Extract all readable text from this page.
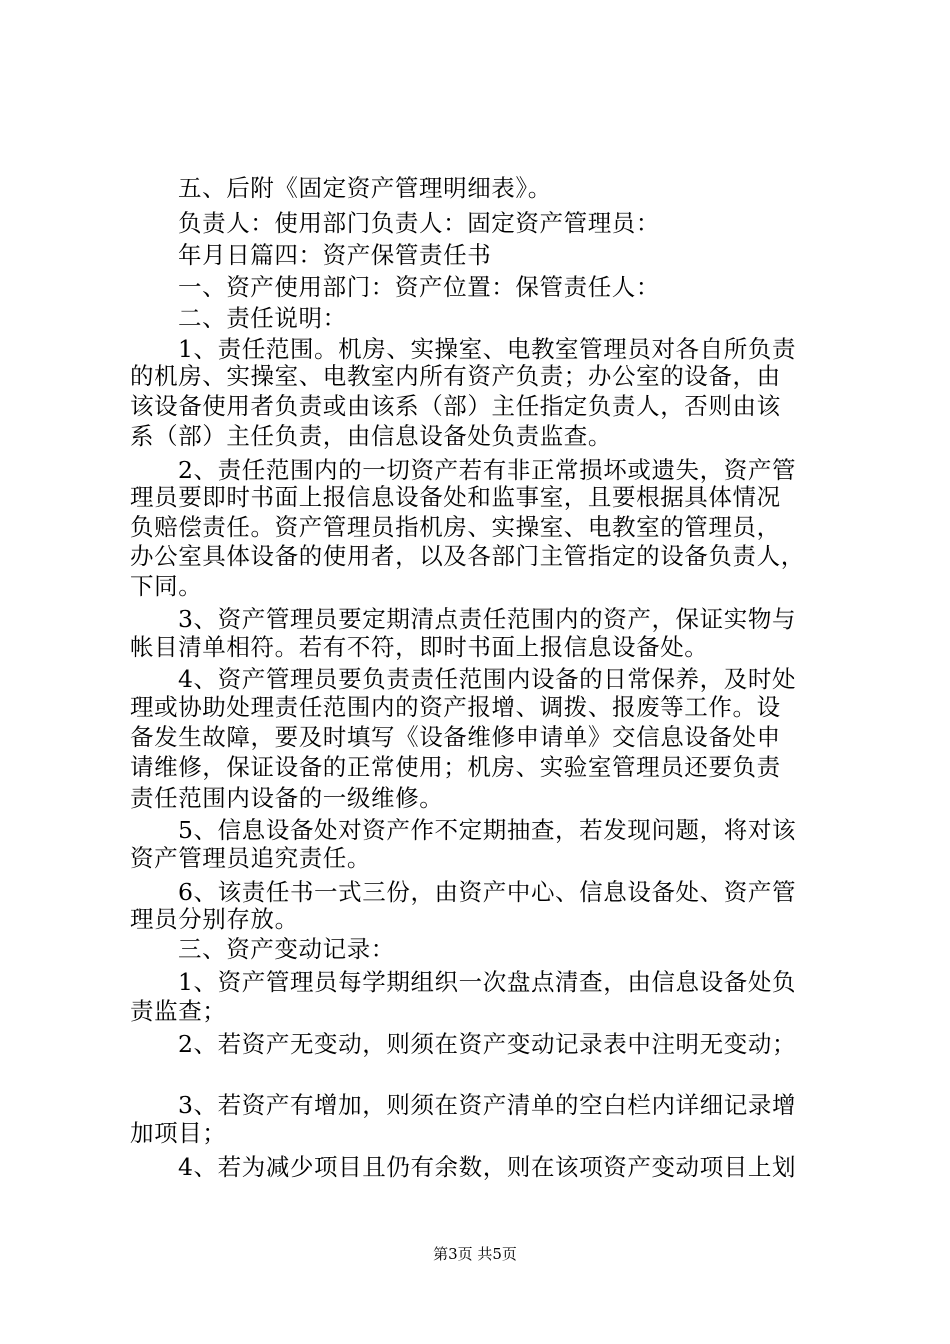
五、后附《固定资产管理明细表》。
负责人：使用部门负责人：固定资产管理员：
年月日篇四：资产保管责任书
一、资产使用部门：资产位置：保管责任人：
二、责任说明：
1、责任范围。机房、实操室、电教室管理员对各自所负责
的机房、实操室、电教室内所有资产负责；办公室的设备，由
该设备使用者负责或由该系（部）主任指定负责人，否则由该
系（部）主任负责，由信息设备处负责监查。
2、责任范围内的一切资产若有非正常损坏或遗失，资产管
理员要即时书面上报信息设备处和监事室，且要根据具体情况
负赔偿责任。资产管理员指机房、实操室、电教室的管理员，
办公室具体设备的使用者，以及各部门主管指定的设备负责人，
下同。
3、资产管理员要定期清点责任范围内的资产，保证实物与
帐目清单相符。若有不符，即时书面上报信息设备处。
4、资产管理员要负责责任范围内设备的日常保养，及时处
理或协助处理责任范围内的资产报增、调拨、报废等工作。设
备发生故障，要及时填写《设备维修申请单》交信息设备处申
请维修，保证设备的正常使用；机房、实验室管理员还要负责
责任范围内设备的一级维修。
5、信息设备处对资产作不定期抽查，若发现问题，将对该
资产管理员追究责任。
6、该责任书一式三份，由资产中心、信息设备处、资产管
理员分别存放。
三、资产变动记录：
1、资产管理员每学期组织一次盘点清查，由信息设备处负
责监查；
2、若资产无变动，则须在资产变动记录表中注明无变动；
3、若资产有增加，则须在资产清单的空白栏内详细记录增
加项目；
4、若为减少项目且仍有余数，则在该项资产变动项目上划
第3页 共5页
